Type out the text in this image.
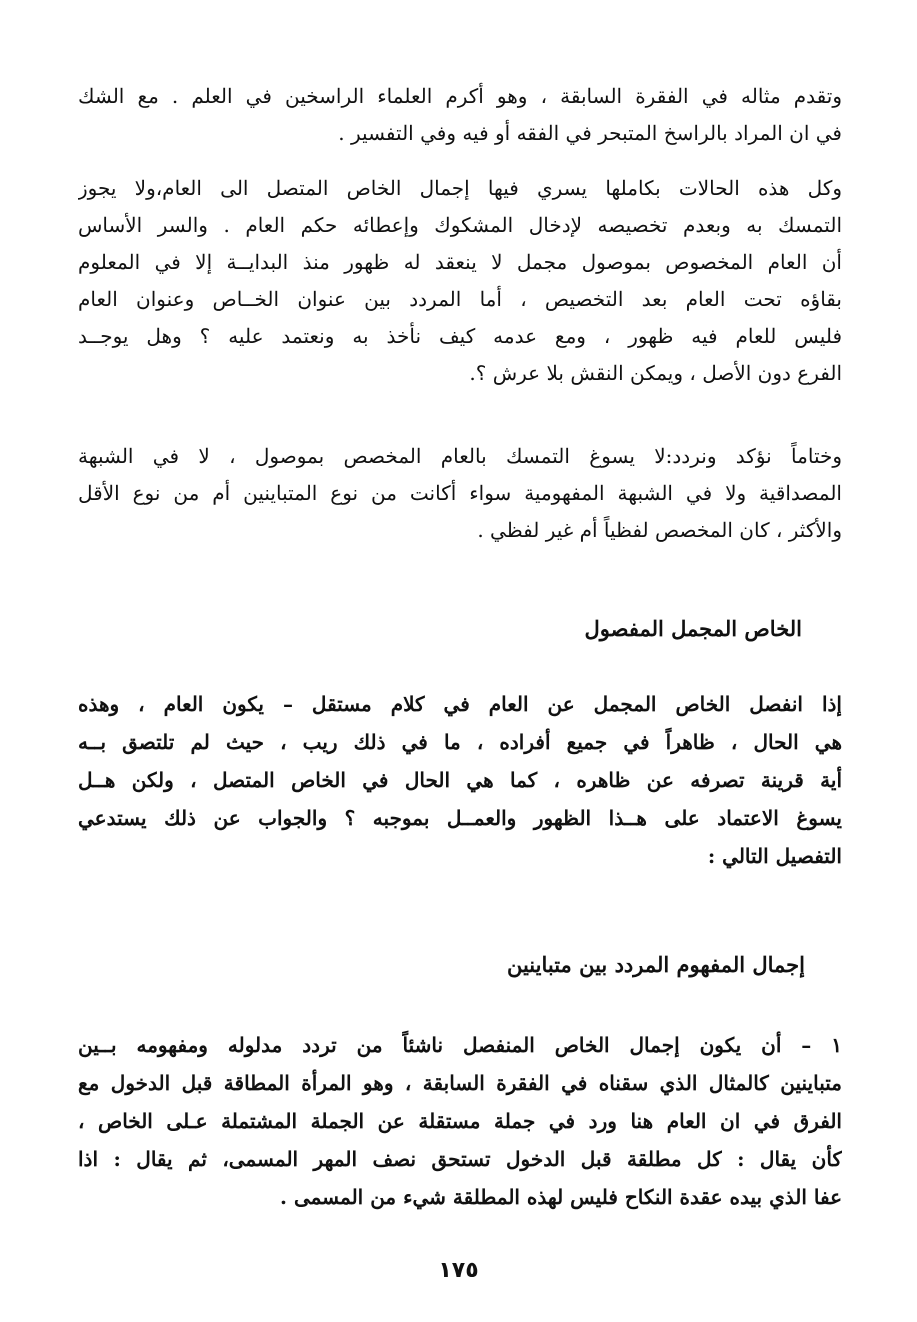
وتقدم مثاله في الفقرة السابقة ، وهو أكرم العلماء الراسخين في العلم . مع الشك
في ان المراد بالراسخ المتبحر في الفقه أو فيه وفي التفسير .
وكل هذه الحالات بكاملها يسري فيها إجمال الخاص المتصل الى العام،ولا يجوز
التمسك به وبعدم تخصيصه لإدخال المشكوك وإعطائه حكم العام . والسر الأساس
أن العام المخصوص بموصول مجمل لا ينعقد له ظهور منذ البدايــة إلا في المعلوم
بقاؤه تحت العام بعد التخصيص ، أما المردد بين عنوان الخــاص وعنوان العام
فليس للعام فيه ظهور ، ومع عدمه كيف نأخذ به ونعتمد عليه ؟ وهل يوجــد
الفرع دون الأصل ، ويمكن النقش بلا عرش ؟.
وختاماً نؤكد ونردد:لا يسوغ التمسك بالعام المخصص بموصول ، لا في الشبهة
المصداقية ولا في الشبهة المفهومية سواء أكانت من نوع المتباينين أم من نوع الأقل
والأكثر ، كان المخصص لفظياً أم غير لفظي .
الخاص المجمل المفصول
إذا انفصل الخاص المجمل عن العام في كلام مستقل – يكون العام ، وهذه
هي الحال ، ظاهراً في جميع أفراده ، ما في ذلك ريب ، حيث لم تلتصق بــه
أية قرينة تصرفه عن ظاهره ، كما هي الحال في الخاص المتصل ، ولكن هــل
يسوغ الاعتماد على هــذا الظهور والعمــل بموجبه ؟ والجواب عن ذلك يستدعي
التفصيل التالي :
إجمال المفهوم المردد بين متباينين
١ – أن يكون إجمال الخاص المنفصل ناشئاً من تردد مدلوله ومفهومه بــين
متباينين كالمثال الذي سقناه في الفقرة السابقة ، وهو المرأة المطاقة قبل الدخول مع
الفرق في ان العام هنا ورد في جملة مستقلة عن الجملة المشتملة عـلى الخاص ،
كأن يقال : كل مطلقة قبل الدخول تستحق نصف المهر المسمى، ثم يقال : اذا
عفا الذي بيده عقدة النكاح فليس لهذه المطلقة شيء من المسمى .
١٧٥
